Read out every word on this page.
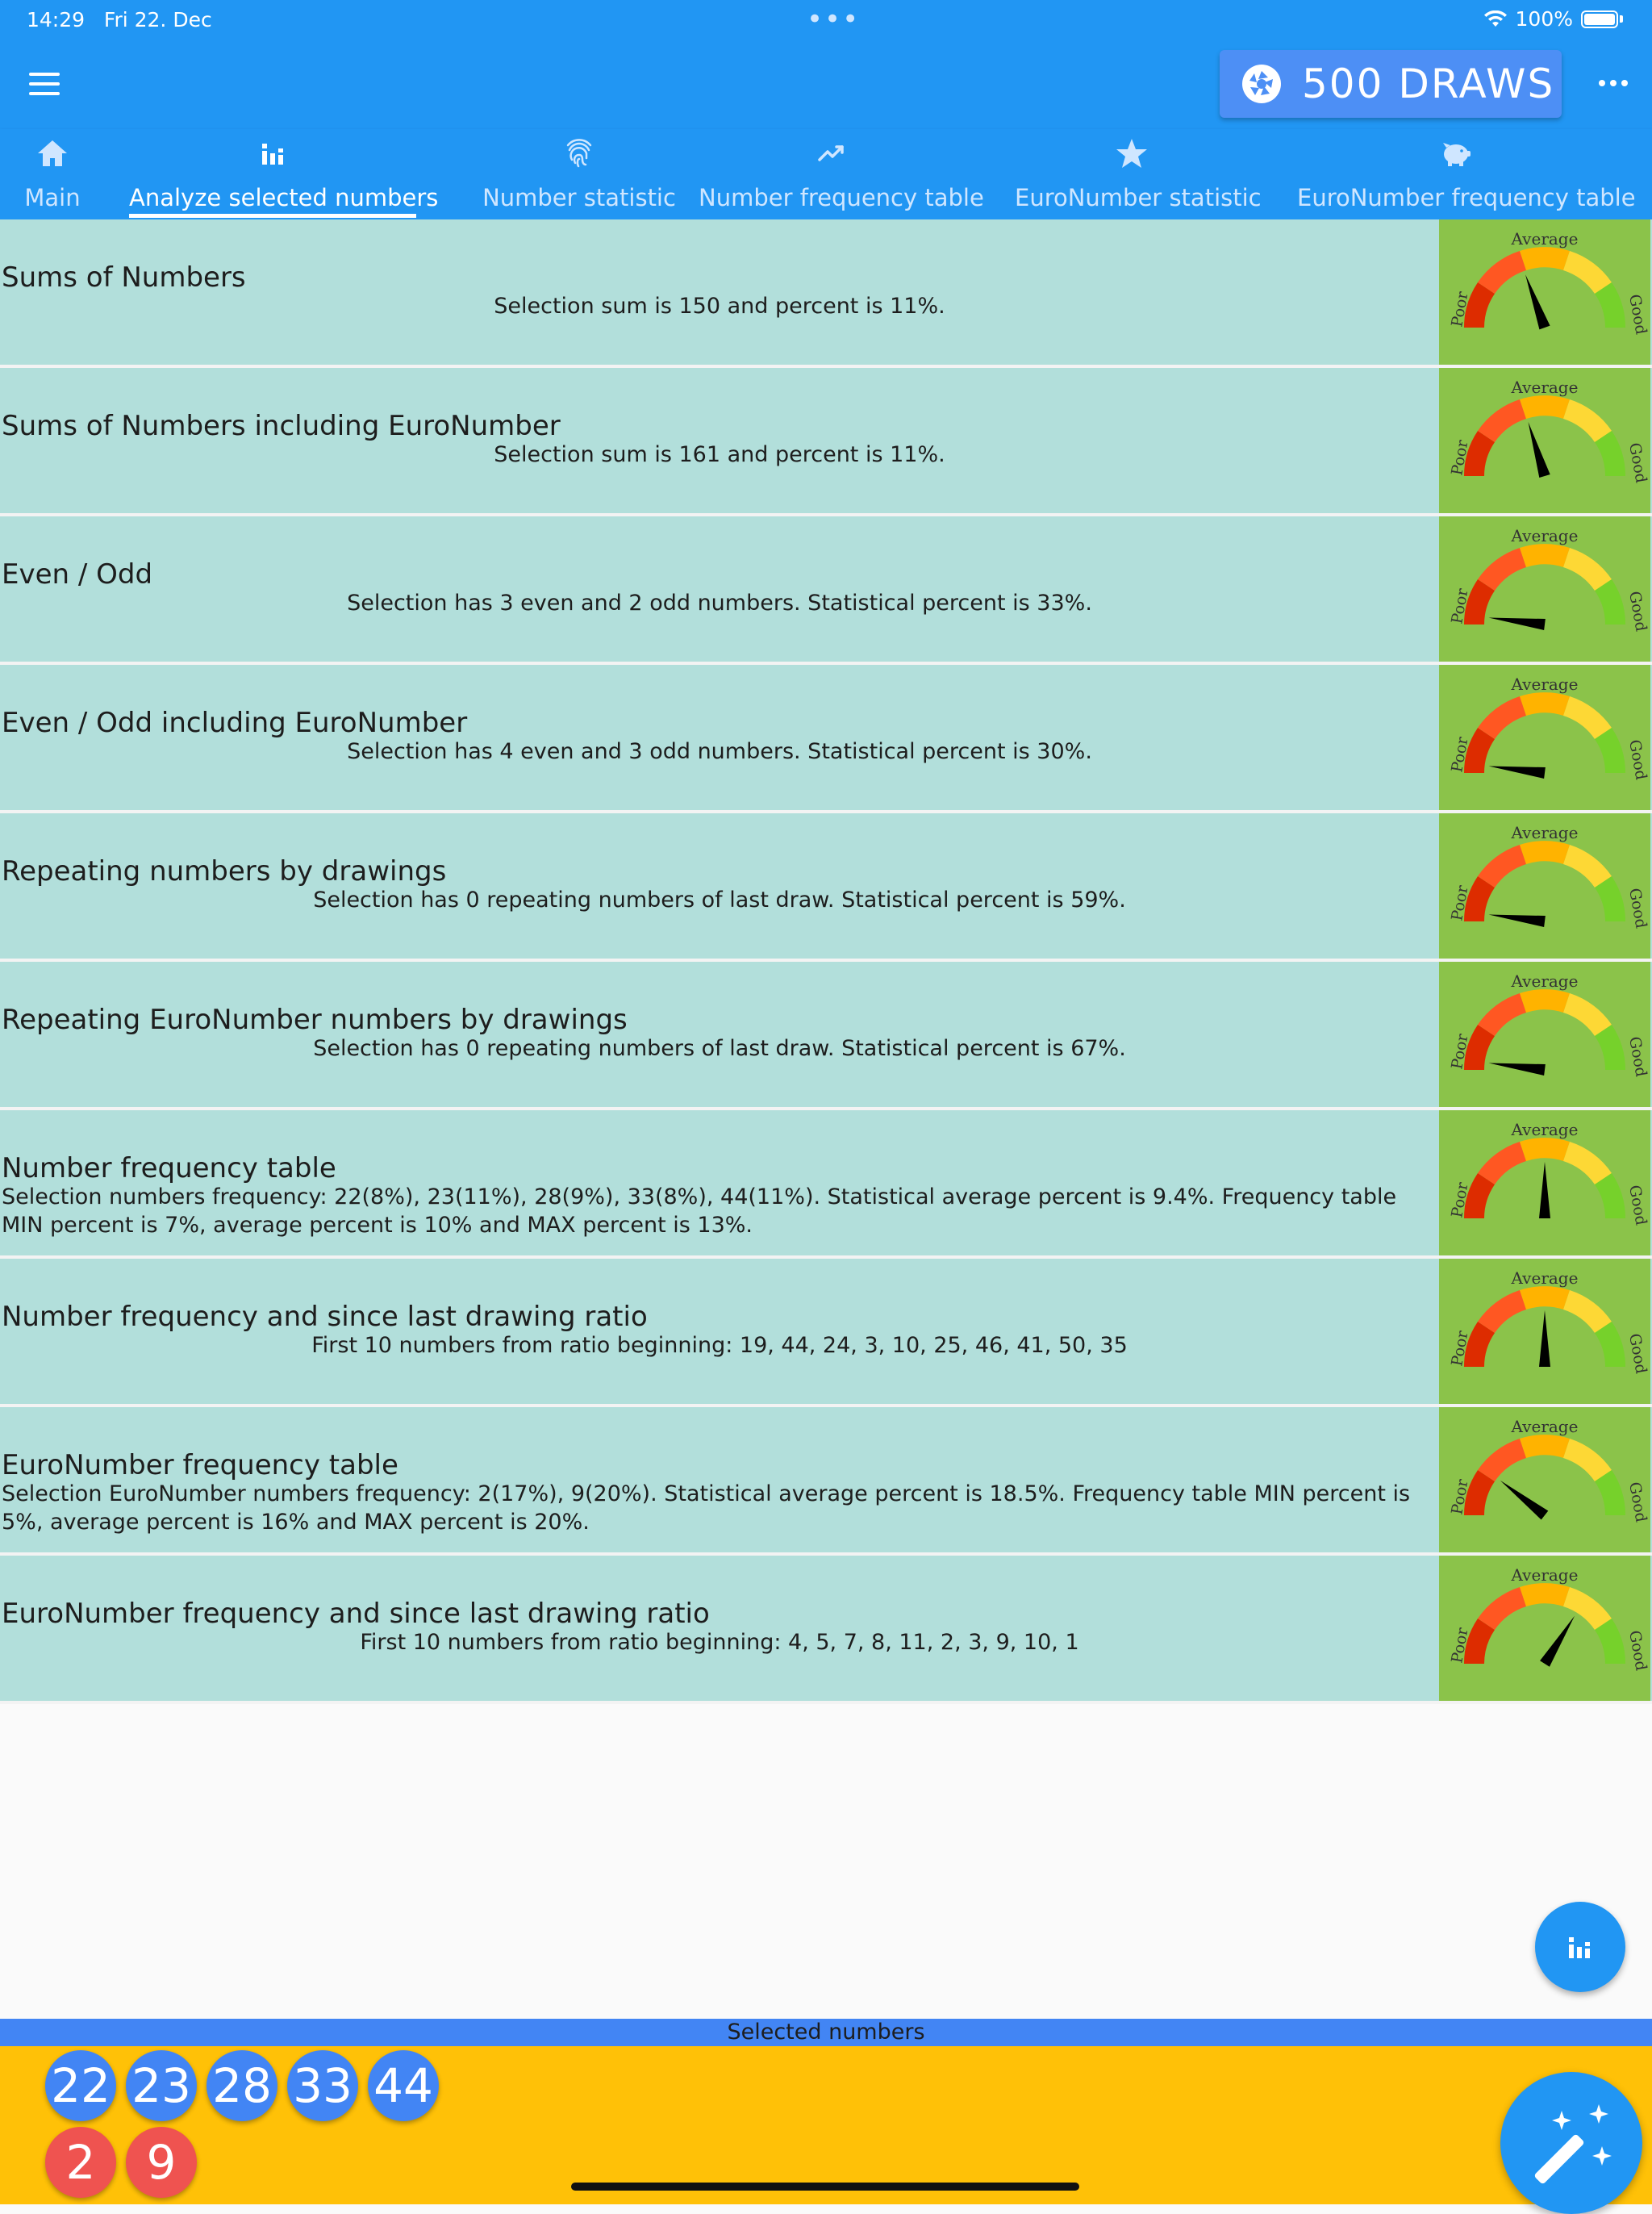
14:29 Fri 22. Dec	•••	100%
500 DRAWS
Main Analyze selected numbers	Number statistic Number frequency table EuroNumber statistic EuroNumber frequency table
Sums of Numbers
Selection sum is 150 and percent is 11%.
Average
Poor	Good
Sums of Numbers including EuroNumber
Selection sum is 161 and percent is 11%.
Average
Poor	Good
Even / Odd
Selection has 3 even and 2 odd numbers. Statistical percent is 33%.
Average
Poor	Good
Even / Odd including EuroNumber
Selection has 4 even and 3 odd numbers. Statistical percent is 30%.
Average
Poor	Good
Repeating numbers by drawings
Selection has 0 repeating numbers of last draw. Statistical percent is 59%.
Average
Poor	Good
Repeating EuroNumber numbers by drawings
Selection has 0 repeating numbers of last draw. Statistical percent is 67%.
Average
Poor	Good
Number frequency table
Selection numbers frequency: 22(8%), 23(11%), 28(9%), 33(8%), 44(11%). Statistical average percent is 9.4%. Frequency table MIN percent is 7%, average percent is 10% and MAX percent is 13%.
Average
Poor	Good
Number frequency and since last drawing ratio
First 10 numbers from ratio beginning: 19, 44, 24, 3, 10, 25, 46, 41, 50, 35
Average
Poor	Good
EuroNumber frequency table
Selection EuroNumber numbers frequency: 2(17%), 9(20%). Statistical average percent is 18.5%. Frequency table MIN percent is 5%, average percent is 16% and MAX percent is 20%.
Average
Poor	Good
EuroNumber frequency and since last drawing ratio
First 10 numbers from ratio beginning: 4, 5, 7, 8, 11, 2, 3, 9, 10, 1
Average
Poor	Good
Selected numbers
22 23 28 33 44
2	9
